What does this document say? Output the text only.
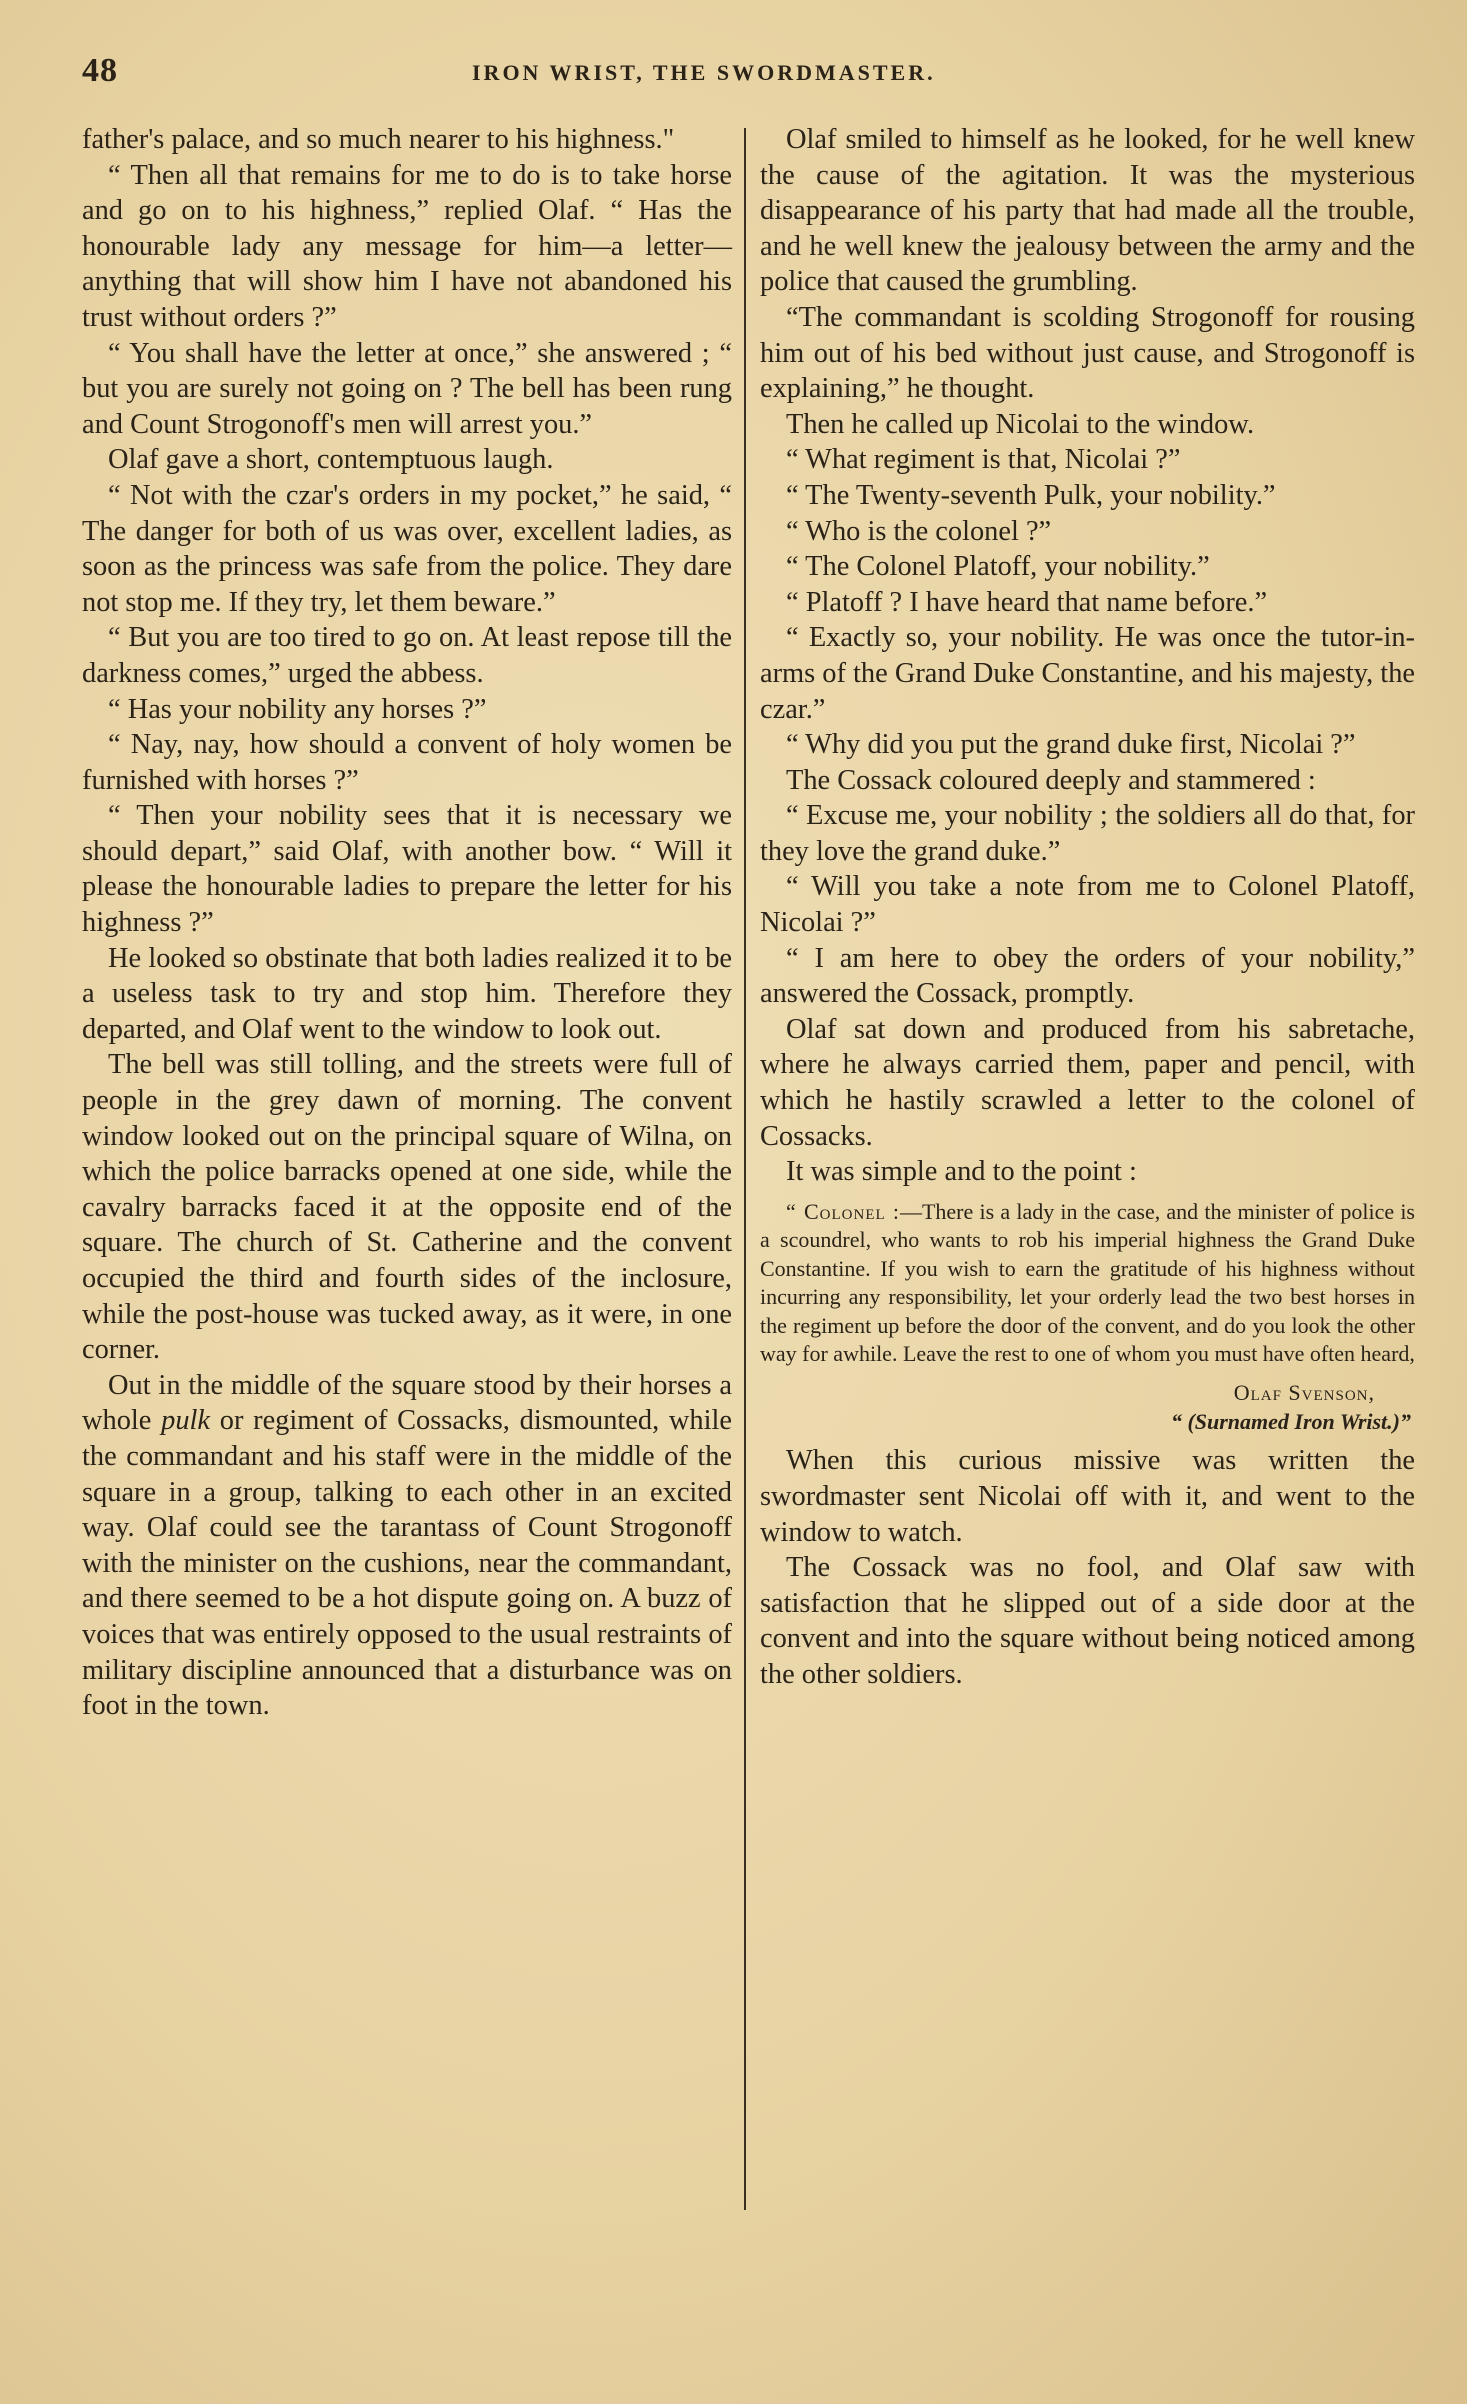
48	IRON WRIST, THE SWORDMASTER.

father's palace, and so much nearer to his highness."

“ Then all that remains for me to do is to take horse and go on to his highness,” replied Olaf. “ Has the honourable lady any message for him—a letter—anything that will show him I have not abandoned his trust without orders ?”

“ You shall have the letter at once,” she answered ; “ but you are surely not going on ? The bell has been rung and Count Strogonoff's men will arrest you.”

Olaf gave a short, contemptuous laugh.

“ Not with the czar's orders in my pocket,” he said, “ The danger for both of us was over, excellent ladies, as soon as the princess was safe from the police. They dare not stop me. If they try, let them beware.”

“ But you are too tired to go on. At least repose till the darkness comes,” urged the abbess.

“ Has your nobility any horses ?”

“ Nay, nay, how should a convent of holy women be furnished with horses ?”

“ Then your nobility sees that it is necessary we should depart,” said Olaf, with another bow. “ Will it please the honourable ladies to prepare the letter for his highness ?”

He looked so obstinate that both ladies realized it to be a useless task to try and stop him. Therefore they departed, and Olaf went to the window to look out.

The bell was still tolling, and the streets were full of people in the grey dawn of morning. The convent window looked out on the principal square of Wilna, on which the police barracks opened at one side, while the cavalry barracks faced it at the opposite end of the square. The church of St. Catherine and the convent occupied the third and fourth sides of the inclosure, while the post-house was tucked away, as it were, in one corner.

Out in the middle of the square stood by their horses a whole pulk or regiment of Cossacks, dismounted, while the commandant and his staff were in the middle of the square in a group, talking to each other in an excited way. Olaf could see the tarantass of Count Strogonoff with the minister on the cushions, near the commandant, and there seemed to be a hot dispute going on. A buzz of voices that was entirely opposed to the usual restraints of military discipline announced that a disturbance was on foot in the town.

Olaf smiled to himself as he looked, for he well knew the cause of the agitation. It was the mysterious disappearance of his party that had made all the trouble, and he well knew the jealousy between the army and the police that caused the grumbling.

“The commandant is scolding Strogonoff for rousing him out of his bed without just cause, and Strogonoff is explaining,” he thought.

Then he called up Nicolai to the window.

“ What regiment is that, Nicolai ?”

“ The Twenty-seventh Pulk, your nobility.”

“ Who is the colonel ?”

“ The Colonel Platoff, your nobility.”

“ Platoff ? I have heard that name before.”

“ Exactly so, your nobility. He was once the tutor-in-arms of the Grand Duke Constantine, and his majesty, the czar.”

“ Why did you put the grand duke first, Nicolai ?”

The Cossack coloured deeply and stammered :

“ Excuse me, your nobility ; the soldiers all do that, for they love the grand duke.”

“ Will you take a note from me to Colonel Platoff, Nicolai ?”

“ I am here to obey the orders of your nobility,” answered the Cossack, promptly.

Olaf sat down and produced from his sabretache, where he always carried them, paper and pencil, with which he hastily scrawled a letter to the colonel of Cossacks.

It was simple and to the point :

“ Colonel :—There is a lady in the case, and the minister of police is a scoundrel, who wants to rob his imperial highness the Grand Duke Constantine. If you wish to earn the gratitude of his highness without incurring any responsibility, let your orderly lead the two best horses in the regiment up before the door of the convent, and do you look the other way for awhile. Leave the rest to one of whom you must have often heard,

Olaf Svenson,

“ (Surnamed Iron Wrist.)”

When this curious missive was written the swordmaster sent Nicolai off with it, and went to the window to watch.

The Cossack was no fool, and Olaf saw with satisfaction that he slipped out of a side door at the convent and into the square without being noticed among the other soldiers.
